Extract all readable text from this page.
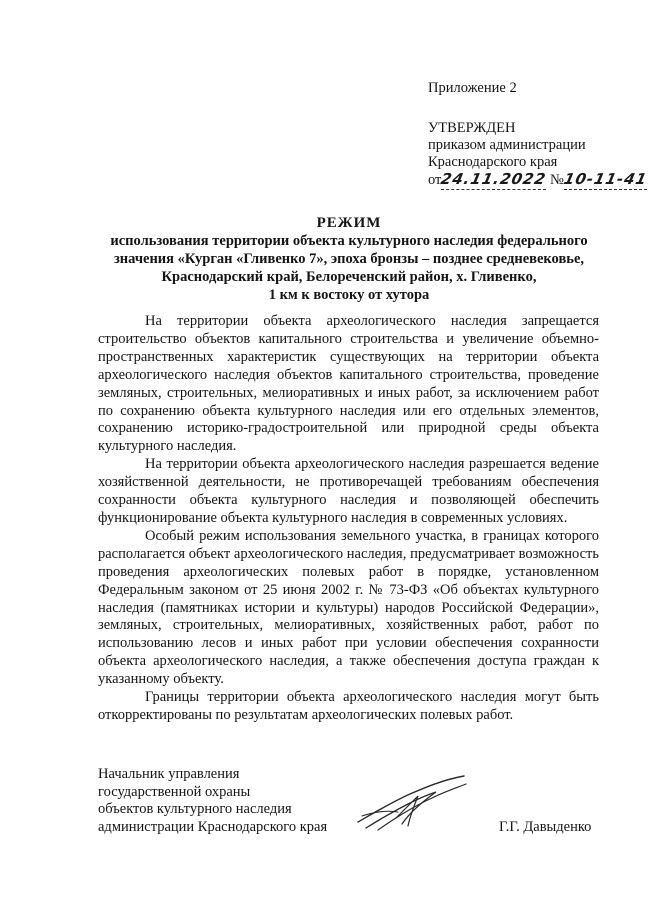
Приложение 2
УТВЕРЖДЕН
приказом администрации
Краснодарского края
от24.11.2022 №10-11-41
РЕЖИМ
использования территории объекта культурного наследия федерального
значения «Курган «Гливенко 7», эпоха бронзы – позднее средневековье,
Краснодарский край, Белореченский район, х. Гливенко,
1 км к востоку от хутора

На территории объекта археологического наследия запрещается строительство объектов капитального строительства и увеличение объемно-пространственных характеристик существующих на территории объекта археологического наследия объектов капитального строительства, проведение земляных, строительных, мелиоративных и иных работ, за исключением работ по сохранению объекта культурного наследия или его отдельных элементов, сохранению историко-градостроительной или природной среды объекта культурного наследия.

На территории объекта археологического наследия разрешается ведение хозяйственной деятельности, не противоречащей требованиям обеспечения сохранности объекта культурного наследия и позволяющей обеспечить функционирование объекта культурного наследия в современных условиях.

Особый режим использования земельного участка, в границах которого располагается объект археологического наследия, предусматривает возможность проведения археологических полевых работ в порядке, установленном Федеральным законом от 25 июня 2002 г. № 73-ФЗ «Об объектах культурного наследия (памятниках истории и культуры) народов Российской Федерации», земляных, строительных, мелиоративных, хозяйственных работ, работ по использованию лесов и иных работ при условии обеспечения сохранности объекта археологического наследия, а также обеспечения доступа граждан к указанному объекту.

Границы территории объекта археологического наследия могут быть откорректированы по результатам археологических полевых работ.

Начальник управления
государственной охраны
объектов культурного наследия
администрации Краснодарского края	Г.Г. Давыденко
